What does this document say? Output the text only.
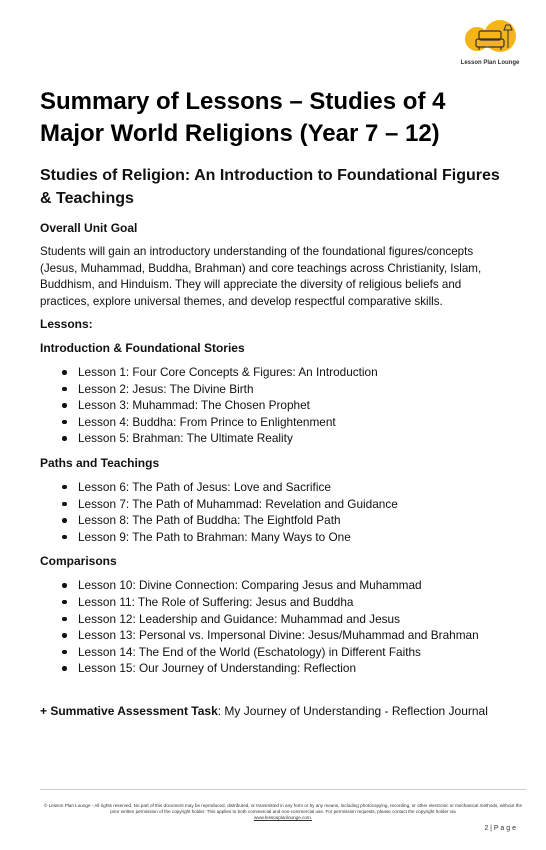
Lesson Plan Lounge
Summary of Lessons – Studies of 4 Major World Religions (Year 7 – 12)
Studies of Religion: An Introduction to Foundational Figures & Teachings

Overall Unit Goal

Students will gain an introductory understanding of the foundational figures/concepts (Jesus, Muhammad, Buddha, Brahman) and core teachings across Christianity, Islam, Buddhism, and Hinduism. They will appreciate the diversity of religious beliefs and practices, explore universal themes, and develop respectful comparative skills.

Lessons:

Introduction & Foundational Stories
Lesson 1: Four Core Concepts & Figures: An Introduction
Lesson 2: Jesus: The Divine Birth
Lesson 3: Muhammad: The Chosen Prophet
Lesson 4: Buddha: From Prince to Enlightenment
Lesson 5: Brahman: The Ultimate Reality
Paths and Teachings
Lesson 6: The Path of Jesus: Love and Sacrifice
Lesson 7: The Path of Muhammad: Revelation and Guidance
Lesson 8: The Path of Buddha: The Eightfold Path
Lesson 9: The Path to Brahman: Many Ways to One
Comparisons
Lesson 10: Divine Connection: Comparing Jesus and Muhammad
Lesson 11: The Role of Suffering: Jesus and Buddha
Lesson 12: Leadership and Guidance: Muhammad and Jesus
Lesson 13: Personal vs. Impersonal Divine: Jesus/Muhammad and Brahman
Lesson 14: The End of the World (Eschatology) in Different Faiths
Lesson 15: Our Journey of Understanding: Reflection

+ Summative Assessment Task: My Journey of Understanding - Reflection Journal

© Lesson Plan Lounge - All rights reserved. No part of this document may be reproduced, distributed, or transmitted in any form or by any means, including photocopying, recording, or other electronic or mechanical methods, without the prior written permission of the copyright holder. This applies to both commercial and non-commercial use. For permission requests, please contact the copyright holder via
www.lessonplanlounge.com.
2 | P a g e
